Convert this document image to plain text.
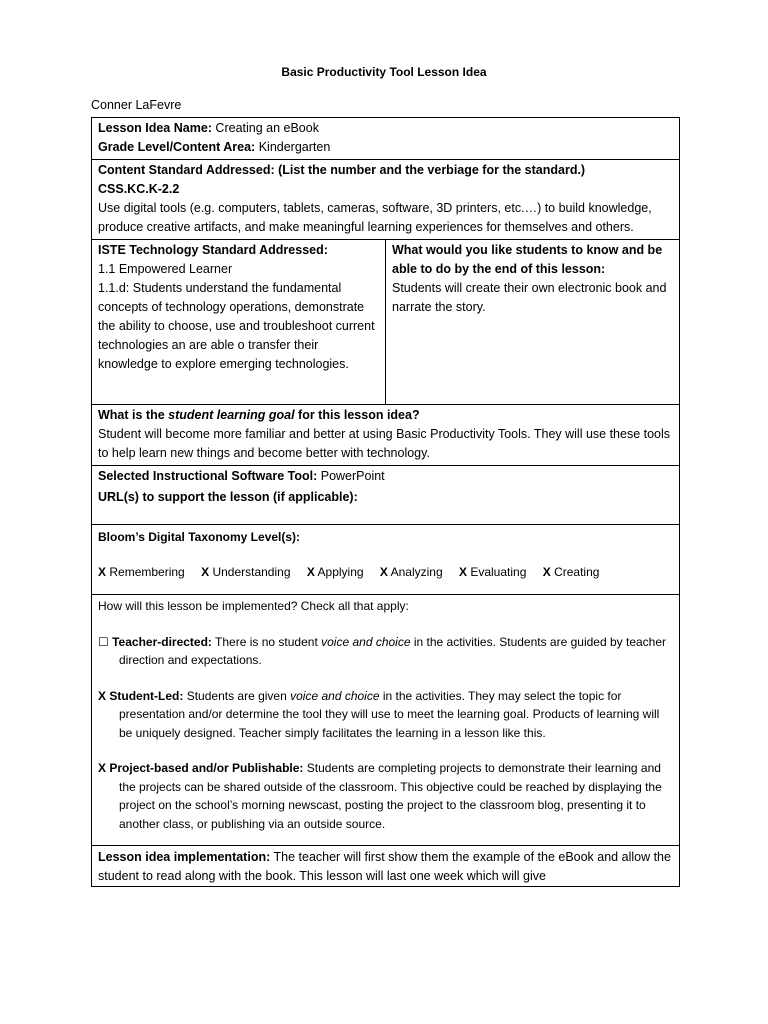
Basic Productivity Tool Lesson Idea
Conner LaFevre
Lesson Idea Name: Creating an eBook
Grade Level/Content Area: Kindergarten

Content Standard Addressed: (List the number and the verbiage for the standard.)
CSS.KC.K-2.2
Use digital tools (e.g. computers, tablets, cameras, software, 3D printers, etc.…) to build knowledge, produce creative artifacts, and make meaningful learning experiences for themselves and others.

ISTE Technology Standard Addressed:
1.1 Empowered Learner
1.1.d: Students understand the fundamental concepts of technology operations, demonstrate the ability to choose, use and troubleshoot current technologies an are able o transfer their knowledge to explore emerging technologies.

What would you like students to know and be able to do by the end of this lesson:
Students will create their own electronic book and narrate the story.

What is the student learning goal for this lesson idea?
Student will become more familiar and better at using Basic Productivity Tools. They will use these tools to help learn new things and become better with technology.

Selected Instructional Software Tool: PowerPoint
URL(s) to support the lesson (if applicable):

Bloom’s Digital Taxonomy Level(s):
X Remembering X Understanding X Applying X Analyzing X Evaluating X Creating

How will this lesson be implemented? Check all that apply:
☐ Teacher-directed: There is no student voice and choice in the activities. Students are guided by teacher direction and expectations.
X Student-Led: Students are given voice and choice in the activities. They may select the topic for presentation and/or determine the tool they will use to meet the learning goal. Products of learning will be uniquely designed. Teacher simply facilitates the learning in a lesson like this.
X Project-based and/or Publishable: Students are completing projects to demonstrate their learning and the projects can be shared outside of the classroom. This objective could be reached by displaying the project on the school’s morning newscast, posting the project to the classroom blog, presenting it to another class, or publishing via an outside source.

Lesson idea implementation: The teacher will first show them the example of the eBook and allow the student to read along with the book. This lesson will last one week which will give
